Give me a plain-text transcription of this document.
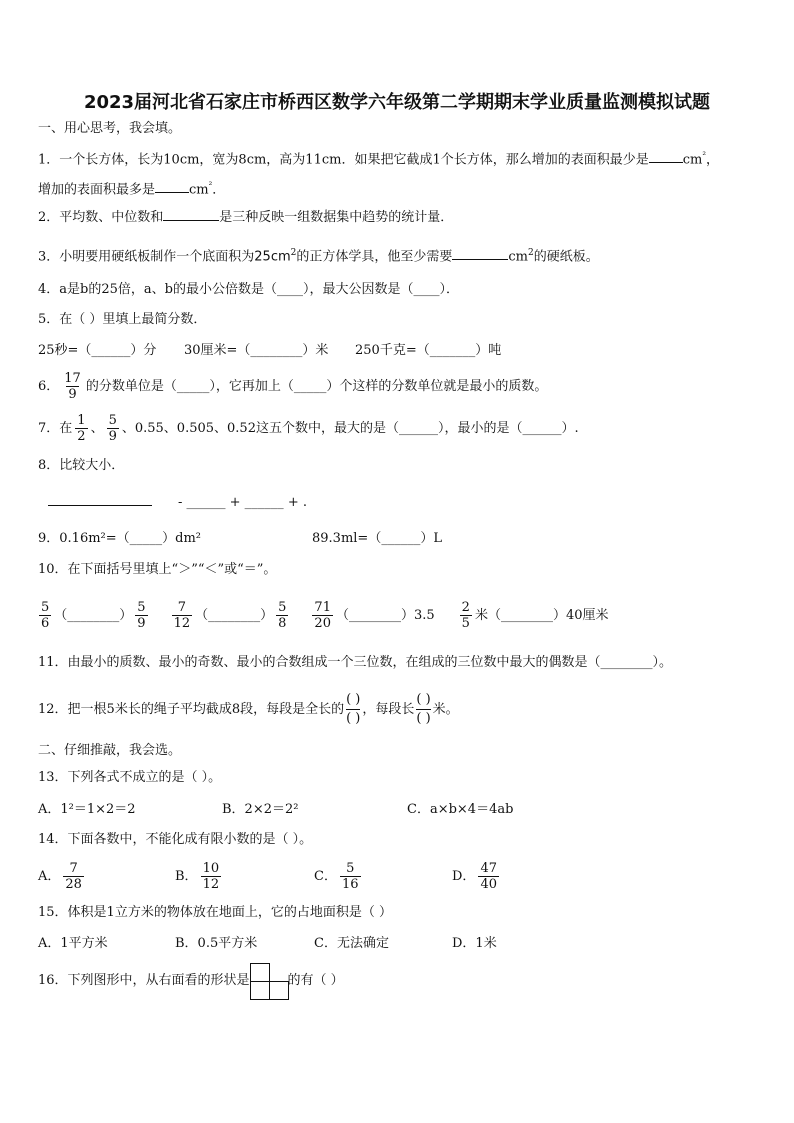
2023届河北省石家庄市桥西区数学六年级第二学期期末学业质量监测模拟试题
一、用心思考，我会填。
1．一个长方体，长为10cm，宽为8cm，高为11cm．如果把它截成1个长方体，那么增加的表面积最少是	$cm^{^2}$，
增加的表面积最多是	$cm^{^2}$．
2．平均数、中位数和	是三种反映一组数据集中趋势的统计量．
3．小明要用硬纸板制作一个底面积为$25cm^2$的正方体学具，他至少需要	$cm^2$的硬纸板。
4．a是b的25倍，a、b的最小公倍数是（____），最大公因数是（____）．
5．在（ ）里填上最简分数．
25秒=（______）分 30厘米=（________）米 250千克=（_______）吨
6． $\frac{17}{9}$ 的分数单位是（_____），它再加上（_____）个这样的分数单位就是最小的质数。
7．在 $\frac{1}{2}$ 、 $\frac{5}{9}$ 、0.55、0.505、0.52这五个数中，最大的是（______），最小的是（______）.
8．比较大小．
- ______ + ______ + .
9．0.16m²=（_____）dm²	89.3ml=（______）L
10．在下面括号里填上“＞”“＜”或“＝”。
$\frac{5}{6}$ （________） $\frac{5}{9} \frac{7}{12}$ （________） $\frac{5}{8} \frac{71}{20}$ （________）3.5 $\frac{2}{5}$ 米（________）40厘米
11．由最小的质数、最小的奇数、最小的合数组成一个三位数，在组成的三位数中最大的偶数是（________）。
12．把一根5米长的绳子平均截成8段，每段是全长的
( )
( )
，每段长
( )
( )
米。
二、仔细推敲，我会选。
13．下列各式不成立的是（ ）。
A．1²＝1×2＝2	B．2×2＝2²	C．a×b×4＝4ab
14．下面各数中，不能化成有限小数的是（ ）。
A． $\frac{7}{28}$	B． $\frac{10}{12}$	C． $\frac{5}{16}$	D． $\frac{47}{40}$
15．体积是1立方米的物体放在地面上，它的占地面积是（ ）
A．1平方米	B．0.5平方米	C．无法确定	D．1米
16．下列图形中，从右面看的形状是	的有（ ）
